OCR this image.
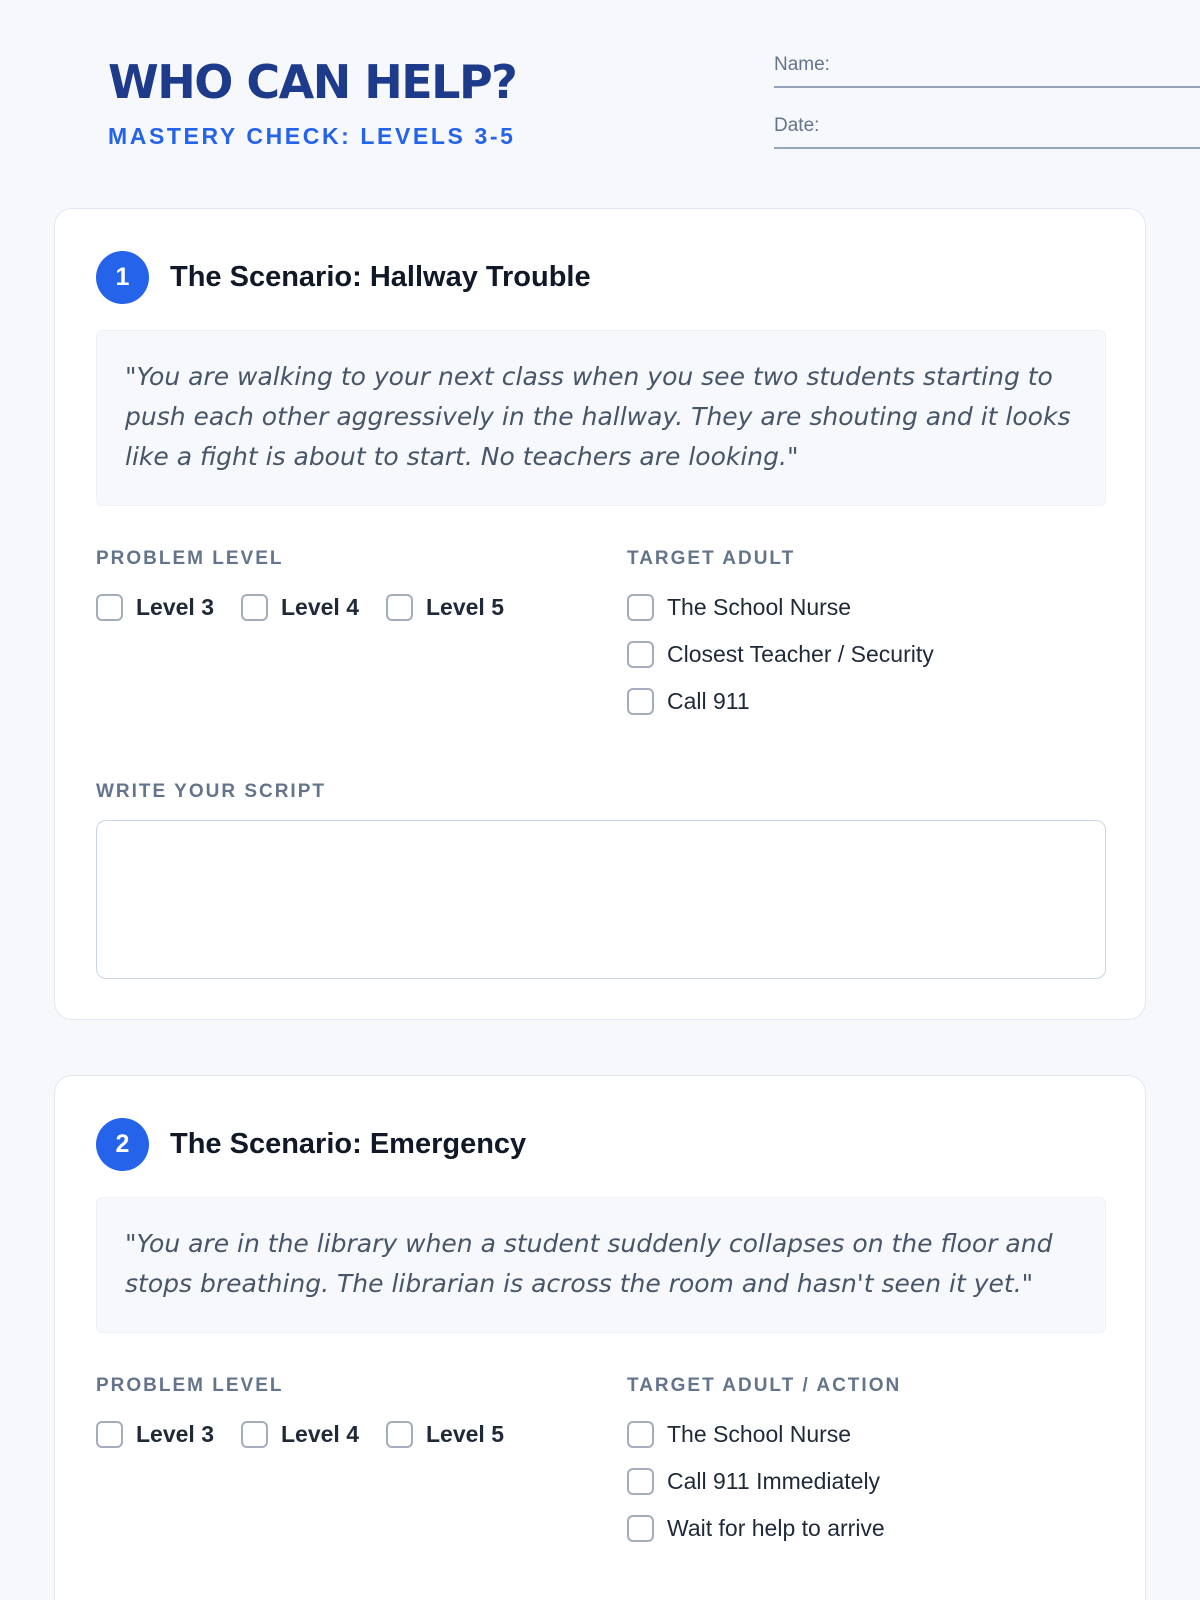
WHO CAN HELP?
MASTERY CHECK: LEVELS 3-5
Name:
Date:
1	The Scenario: Hallway Trouble
"You are walking to your next class when you see two students starting to push each other aggressively in the hallway. They are shouting and it looks like a fight is about to start. No teachers are looking."
PROBLEM LEVEL
Level 3	Level 4	Level 5
TARGET ADULT
The School Nurse
Closest Teacher / Security
Call 911
WRITE YOUR SCRIPT
2	The Scenario: Emergency
"You are in the library when a student suddenly collapses on the floor and stops breathing. The librarian is across the room and hasn't seen it yet."
PROBLEM LEVEL
Level 3	Level 4	Level 5
TARGET ADULT / ACTION
The School Nurse
Call 911 Immediately
Wait for help to arrive
